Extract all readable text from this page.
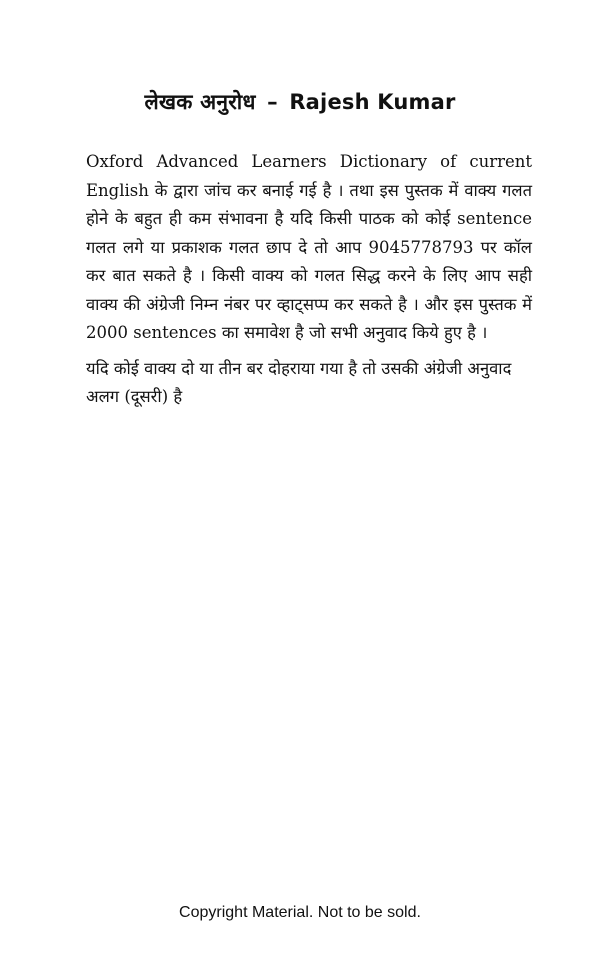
लेखक अनुरोध – Rajesh Kumar

Oxford Advanced Learners Dictionary of current English के द्वारा जांच कर बनाई गई है । तथा इस पुस्तक में वाक्य गलत होने के बहुत ही कम संभावना है यदि किसी पाठक को कोई sentence गलत लगे या प्रकाशक गलत छाप दे तो आप 9045778793 पर कॉल कर बात सकते है । किसी वाक्य को गलत सिद्ध करने के लिए आप सही वाक्य की अंग्रेजी निम्न नंबर पर व्हाट्सप्प कर सकते है । और इस पुस्तक में 2000 sentences का समावेश है जो सभी अनुवाद किये हुए है ।

यदि कोई वाक्य दो या तीन बर दोहराया गया है तो उसकी अंग्रेजी अनुवाद अलग (दूसरी) है

Copyright Material. Not to be sold.
